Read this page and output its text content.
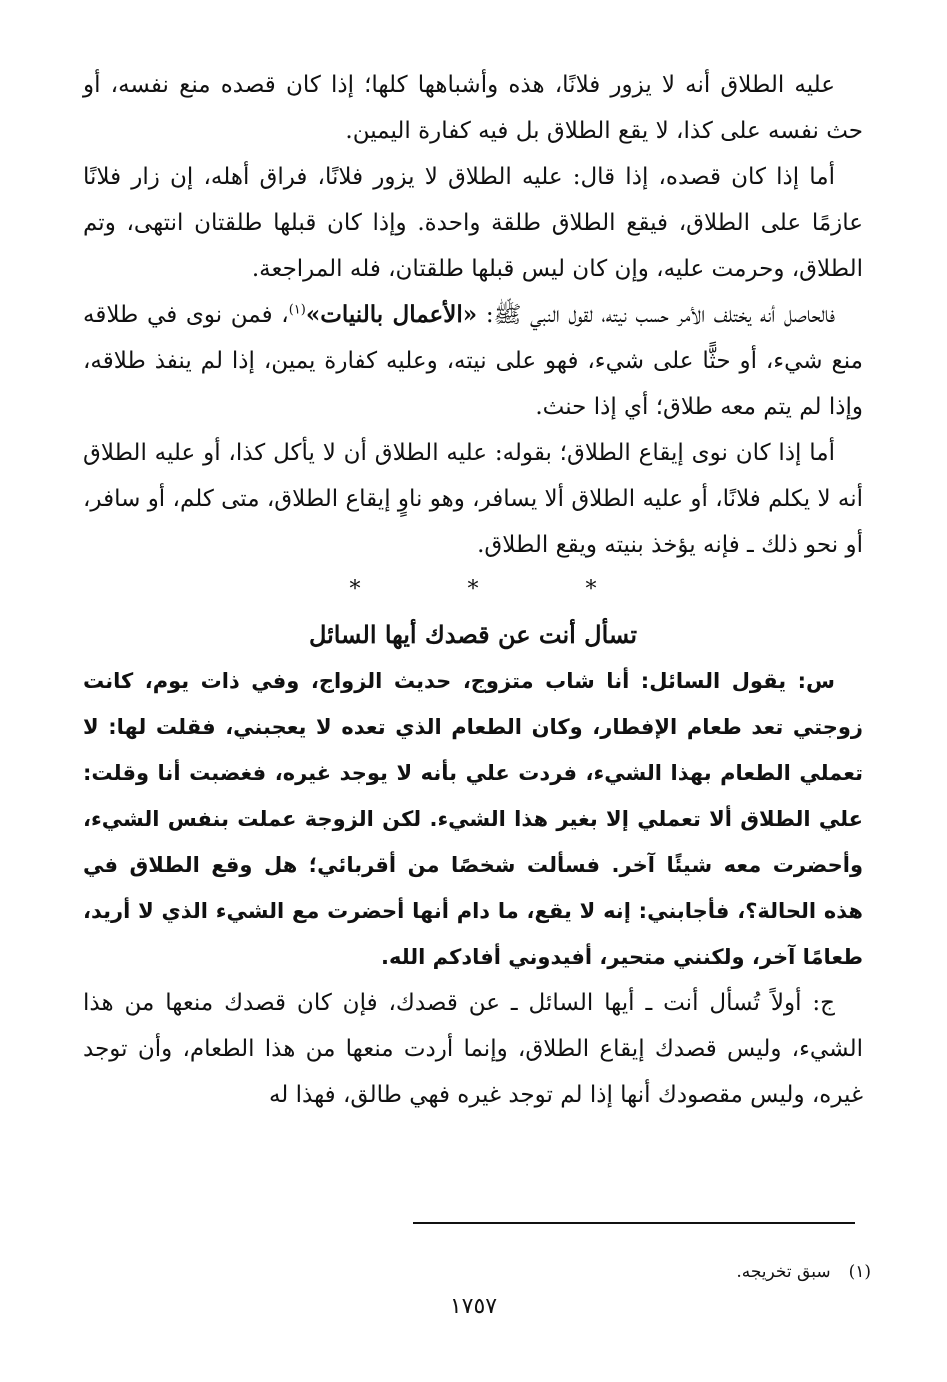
عليه الطلاق أنه لا يزور فلانًا، هذه وأشباهها كلها؛ إذا كان قصده منع نفسه، أو حث نفسه على كذا، لا يقع الطلاق بل فيه كفارة اليمين.

أما إذا كان قصده، إذا قال: عليه الطلاق لا يزور فلانًا، فراق أهله، إن زار فلانًا عازمًا على الطلاق، فيقع الطلاق طلقة واحدة. وإذا كان قبلها طلقتان انتهى، وتم الطلاق، وحرمت عليه، وإن كان ليس قبلها طلقتان، فله المراجعة.

فالحاصل أنه يختلف الأمر حسب نيته، لقول النبي ﷺ: «الأعمال بالنيات»$^{(١)}$، فمن نوى في طلاقه منع شيء، أو حثًّا على شيء، فهو على نيته، وعليه كفارة يمين، إذا لم ينفذ طلاقه، وإذا لم يتم معه طلاق؛ أي إذا حنث.

أما إذا كان نوى إيقاع الطلاق؛ بقوله: عليه الطلاق أن لا يأكل كذا، أو عليه الطلاق أنه لا يكلم فلانًا، أو عليه الطلاق ألا يسافر، وهو ناوٍ إيقاع الطلاق، متى كلم، أو سافر، أو نحو ذلك ـ فإنه يؤخذ بنيته ويقع الطلاق.

* * *
تسأل أنت عن قصدك أيها السائل

س: يقول السائل: أنا شاب متزوج، حديث الزواج، وفي ذات يوم، كانت زوجتي تعد طعام الإفطار، وكان الطعام الذي تعده لا يعجبني، فقلت لها: لا تعملي الطعام بهذا الشيء، فردت علي بأنه لا يوجد غيره، فغضبت أنا وقلت: علي الطلاق ألا تعملي إلا بغير هذا الشيء. لكن الزوجة عملت بنفس الشيء، وأحضرت معه شيئًا آخر. فسألت شخصًا من أقربائي؛ هل وقع الطلاق في هذه الحالة؟، فأجابني: إنه لا يقع، ما دام أنها أحضرت مع الشيء الذي لا أريد، طعامًا آخر، ولكنني متحير، أفيدوني أفادكم الله.

ج: أولاً تُسأل أنت ـ أيها السائل ـ عن قصدك، فإن كان قصدك منعها من هذا الشيء، وليس قصدك إيقاع الطلاق، وإنما أردت منعها من هذا الطعام، وأن توجد غيره، وليس مقصودك أنها إذا لم توجد غيره فهي طالق، فهذا له

(١)سبق تخريجه.
١٧٥٧
